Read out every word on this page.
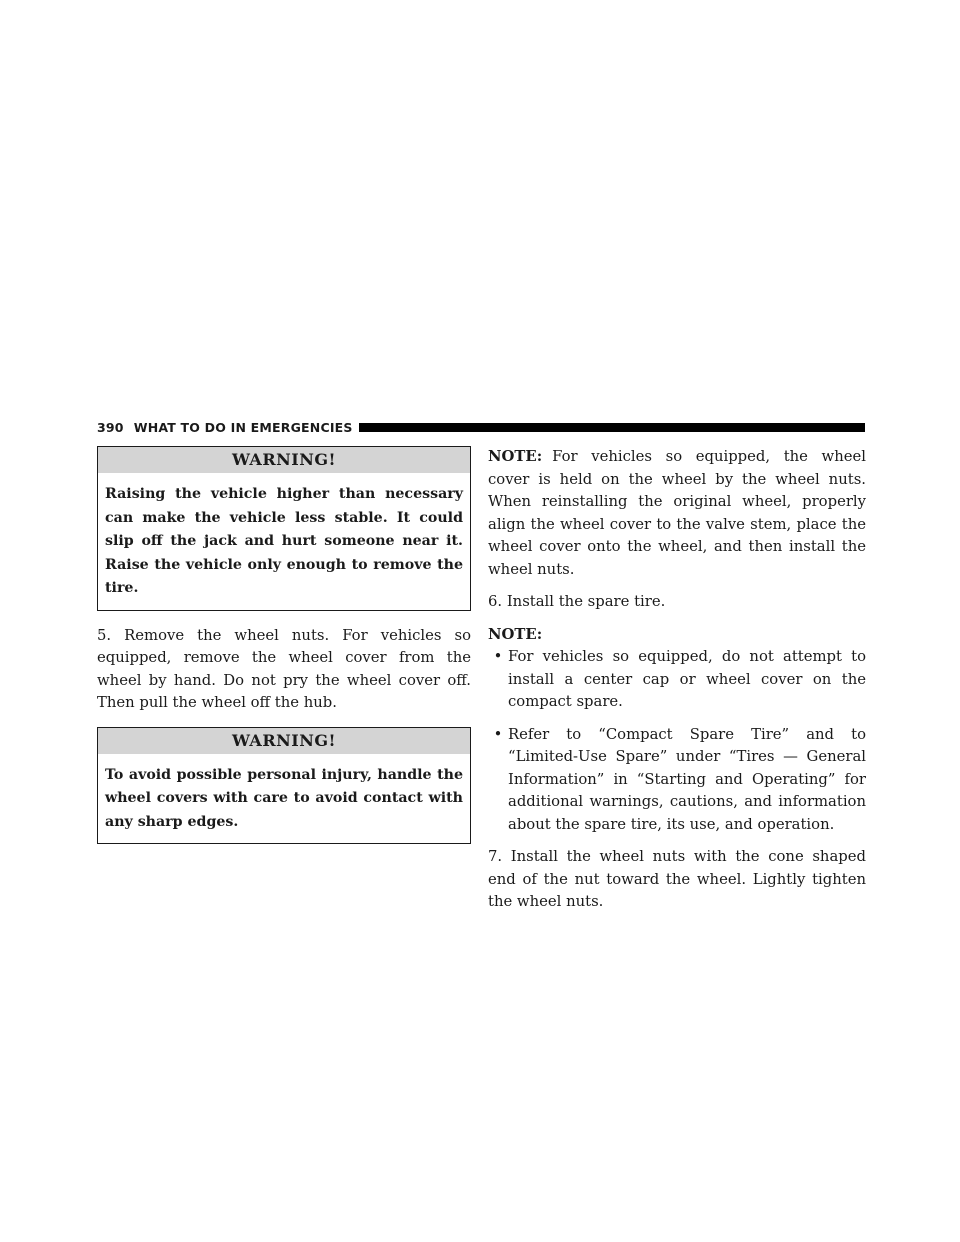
390 WHAT TO DO IN EMERGENCIES
WARNING!
Raising the vehicle higher than necessary can make the vehicle less stable. It could slip off the jack and hurt someone near it. Raise the vehicle only enough to remove the tire.

5. Remove the wheel nuts. For vehicles so equipped, remove the wheel cover from the wheel by hand. Do not pry the wheel cover off. Then pull the wheel off the hub.

WARNING!
To avoid possible personal injury, handle the wheel covers with care to avoid contact with any sharp edges.

NOTE: For vehicles so equipped, the wheel cover is held on the wheel by the wheel nuts. When reinstalling the original wheel, properly align the wheel cover to the valve stem, place the wheel cover onto the wheel, and then install the wheel nuts.

6. Install the spare tire.

NOTE:

• For vehicles so equipped, do not attempt to install a center cap or wheel cover on the compact spare.
• Refer to “Compact Spare Tire” and to “Limited-Use Spare” under “Tires — General Information” in “Starting and Operating” for additional warnings, cautions, and information about the spare tire, its use, and operation.

7. Install the wheel nuts with the cone shaped end of the nut toward the wheel. Lightly tighten the wheel nuts.
